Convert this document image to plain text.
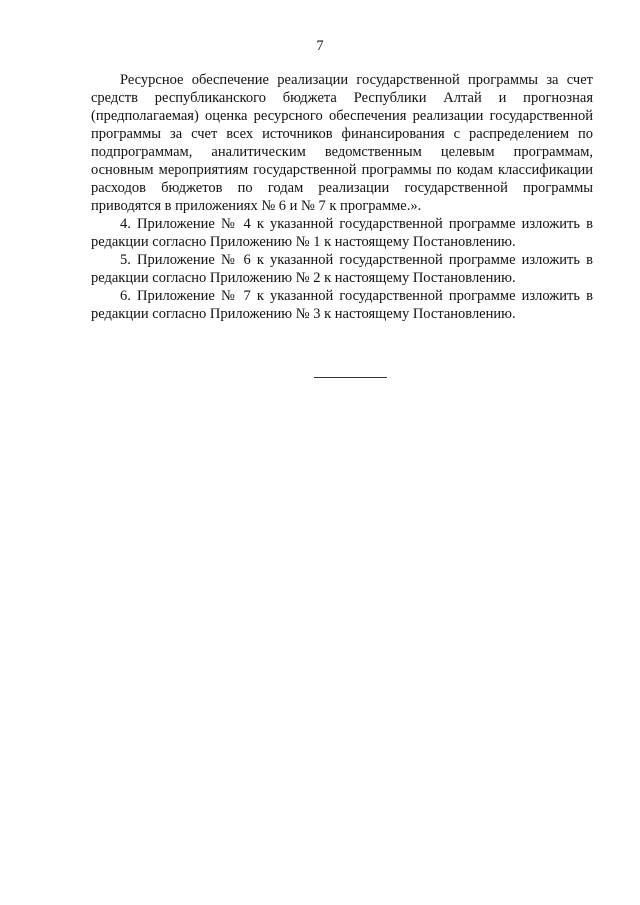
7

Ресурсное обеспечение реализации государственной программы за счет средств республиканского бюджета Республики Алтай и прогнозная (предполагаемая) оценка ресурсного обеспечения реализации государственной программы за счет всех источников финансирования с распределением по подпрограммам, аналитическим ведомственным целевым программам, основным мероприятиям государственной программы по кодам классификации расходов бюджетов по годам реализации государственной программы приводятся в приложениях № 6 и № 7 к программе.».

4. Приложение № 4 к указанной государственной программе изложить в редакции согласно Приложению № 1 к настоящему Постановлению.

5. Приложение № 6 к указанной государственной программе изложить в редакции согласно Приложению № 2 к настоящему Постановлению.

6. Приложение № 7 к указанной государственной программе изложить в редакции согласно Приложению № 3 к настоящему Постановлению.
